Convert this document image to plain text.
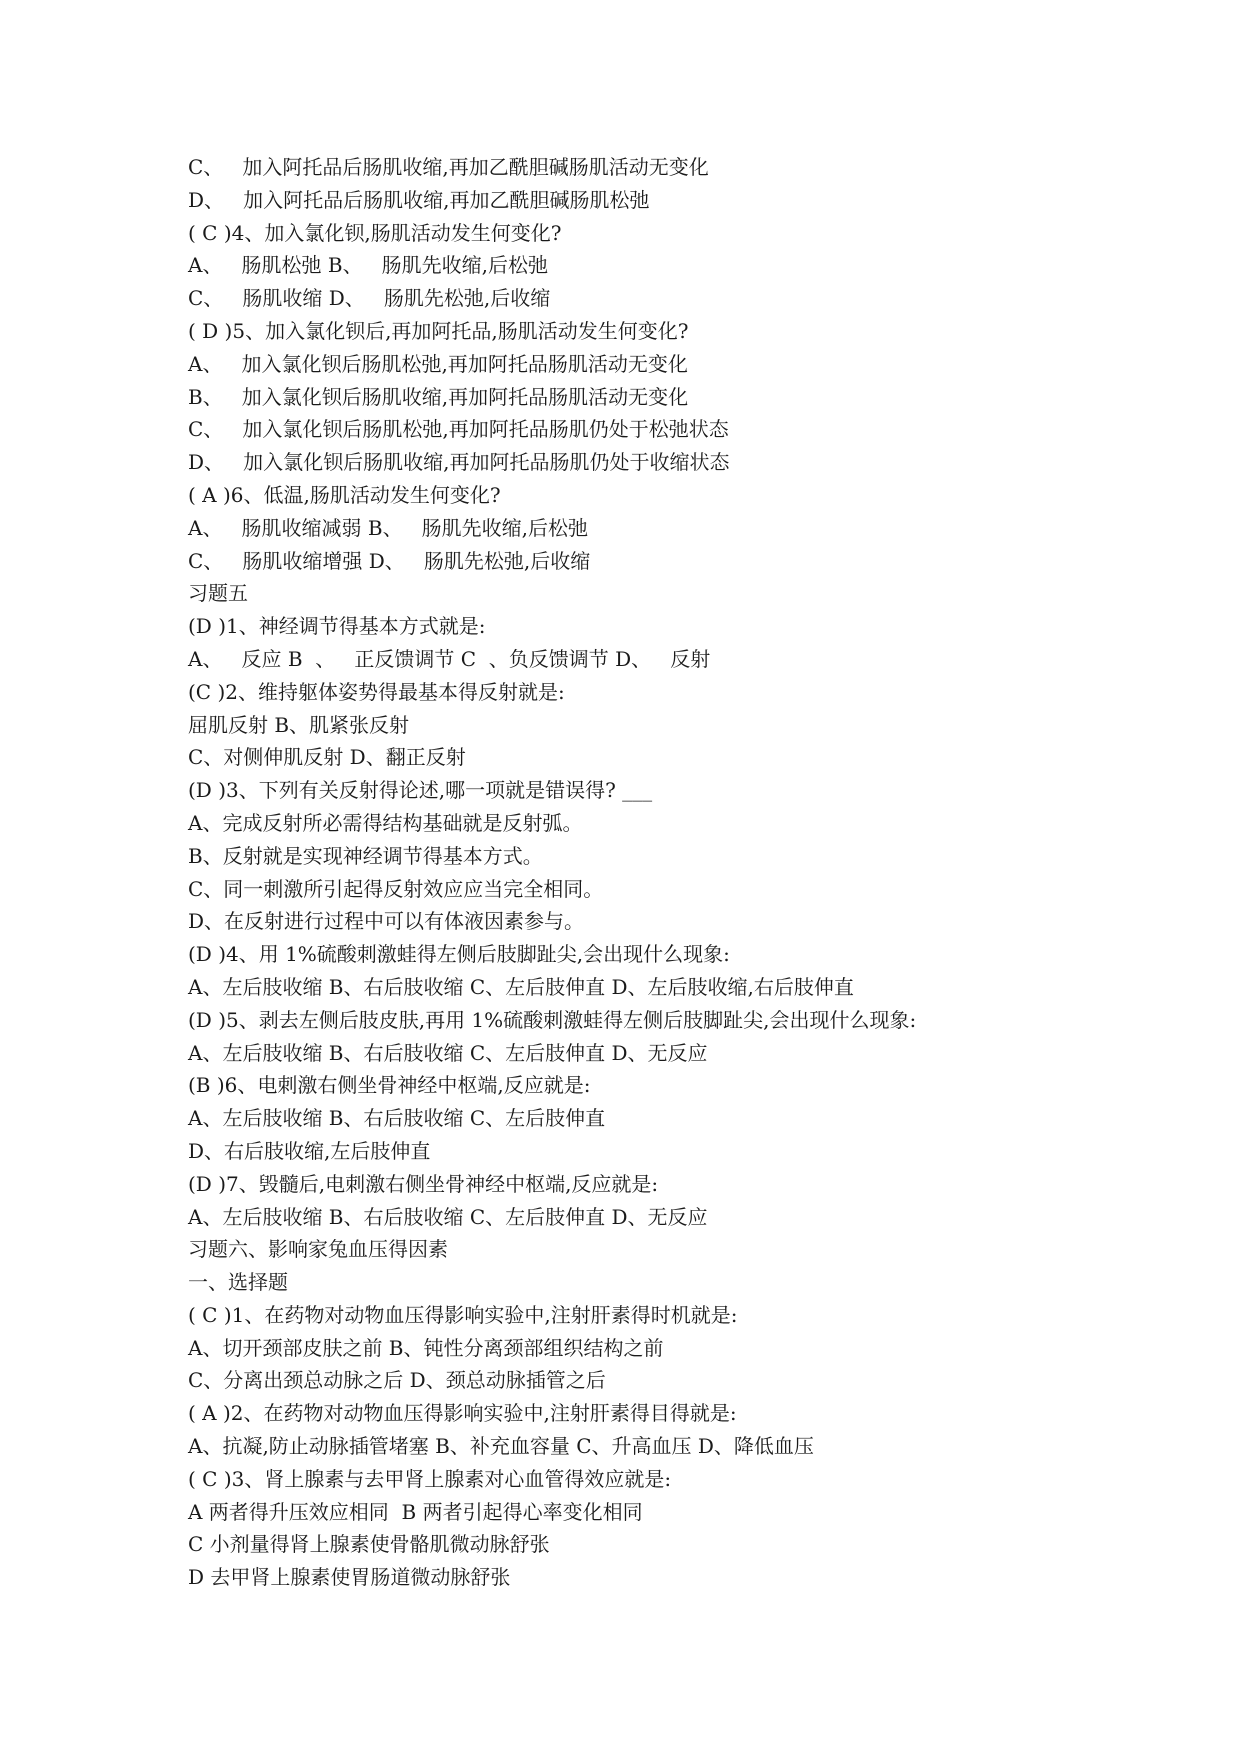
C、   加入阿托品后肠肌收缩,再加乙酰胆碱肠肌活动无变化
D、   加入阿托品后肠肌收缩,再加乙酰胆碱肠肌松弛
( C )4、加入氯化钡,肠肌活动发生何变化?
A、   肠肌松弛 B、   肠肌先收缩,后松弛
C、   肠肌收缩 D、   肠肌先松弛,后收缩
( D )5、加入氯化钡后,再加阿托品,肠肌活动发生何变化?
A、   加入氯化钡后肠肌松弛,再加阿托品肠肌活动无变化
B、   加入氯化钡后肠肌收缩,再加阿托品肠肌活动无变化
C、   加入氯化钡后肠肌松弛,再加阿托品肠肌仍处于松弛状态
D、   加入氯化钡后肠肌收缩,再加阿托品肠肌仍处于收缩状态
( A )6、低温,肠肌活动发生何变化?
A、   肠肌收缩减弱 B、   肠肌先收缩,后松弛
C、   肠肌收缩增强 D、   肠肌先松弛,后收缩
习题五
(D )1、神经调节得基本方式就是:
A、   反应 B  、   正反馈调节 C  、负反馈调节 D、   反射
(C )2、维持躯体姿势得最基本得反射就是:
屈肌反射 B、肌紧张反射
C、对侧伸肌反射 D、翻正反射
(D )3、下列有关反射得论述,哪一项就是错误得? ___
A、完成反射所必需得结构基础就是反射弧。
B、反射就是实现神经调节得基本方式。
C、同一刺激所引起得反射效应应当完全相同。
D、在反射进行过程中可以有体液因素参与。
(D )4、用 1%硫酸刺激蛙得左侧后肢脚趾尖,会出现什么现象:
A、左后肢收缩 B、右后肢收缩 C、左后肢伸直 D、左后肢收缩,右后肢伸直
(D )5、剥去左侧后肢皮肤,再用 1%硫酸刺激蛙得左侧后肢脚趾尖,会出现什么现象:
A、左后肢收缩 B、右后肢收缩 C、左后肢伸直 D、无反应
(B )6、电刺激右侧坐骨神经中枢端,反应就是:
A、左后肢收缩 B、右后肢收缩 C、左后肢伸直
D、右后肢收缩,左后肢伸直
(D )7、毁髓后,电刺激右侧坐骨神经中枢端,反应就是:
A、左后肢收缩 B、右后肢收缩 C、左后肢伸直 D、无反应
习题六、影响家兔血压得因素
一、选择题
( C )1、在药物对动物血压得影响实验中,注射肝素得时机就是:
A、切开颈部皮肤之前 B、钝性分离颈部组织结构之前
C、分离出颈总动脉之后 D、颈总动脉插管之后
( A )2、在药物对动物血压得影响实验中,注射肝素得目得就是:
A、抗凝,防止动脉插管堵塞 B、补充血容量 C、升高血压 D、降低血压
( C )3、肾上腺素与去甲肾上腺素对心血管得效应就是:
A 两者得升压效应相同  B 两者引起得心率变化相同
C 小剂量得肾上腺素使骨骼肌微动脉舒张
D 去甲肾上腺素使胃肠道微动脉舒张
